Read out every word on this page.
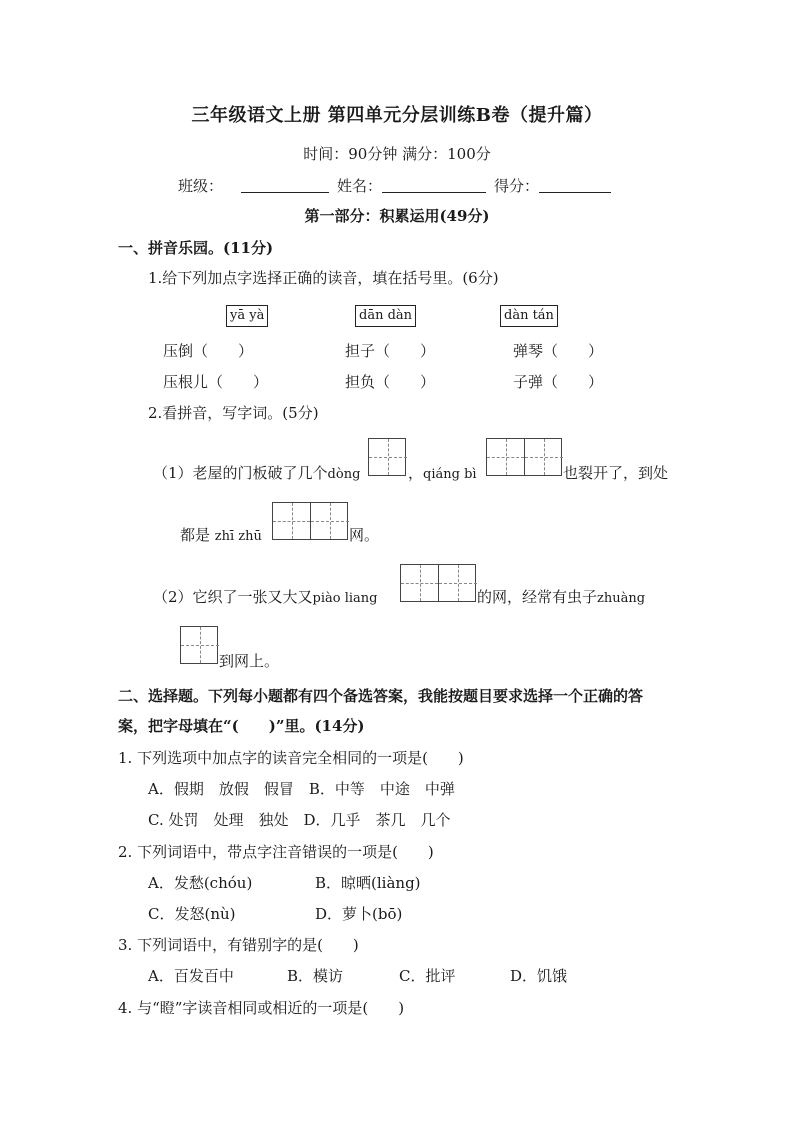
三年级语文上册 第四单元分层训练B卷（提升篇）
时间：90分钟 满分：100分
班级：	姓名：	得分：
第一部分：积累运用(49分)
一、拼音乐园。(11分)
1.给下列加点字选择正确的读音，填在括号里。(6分)
yā yà	dān dàn	dàn tán
压倒（　　）	担子（　　）	弹琴（　　）
压根儿（　　）	担负（　　）	子弹（　　）
2.看拼音，写字词。(5分)
（1）老屋的门板破了几个dòng	，qiáng bì	也裂开了，到处
都是 zhī zhū	网。
（2）它织了一张又大又piào liang	的网，经常有虫子zhuàng
到网上。
二、选择题。下列每小题都有四个备选答案，我能按题目要求选择一个正确的答
案，把字母填在“(　　)”里。(14分)
1. 下列选项中加点字的读音完全相同的一项是(　　)
A．假期　放假　假冒　B．中等　中途　中弹
C. 处罚　处理　独处　D．几乎　茶几　几个
2. 下列词语中，带点字注音错误的一项是(　　)
A．发愁(chóu)	B．晾晒(liàng)
C．发怒(nù)	D．萝卜(bō)
3. 下列词语中，有错别字的是(　　)
A．百发百中	B．模访	C．批评	D．饥饿
4. 与“瞪”字读音相同或相近的一项是(　　)
